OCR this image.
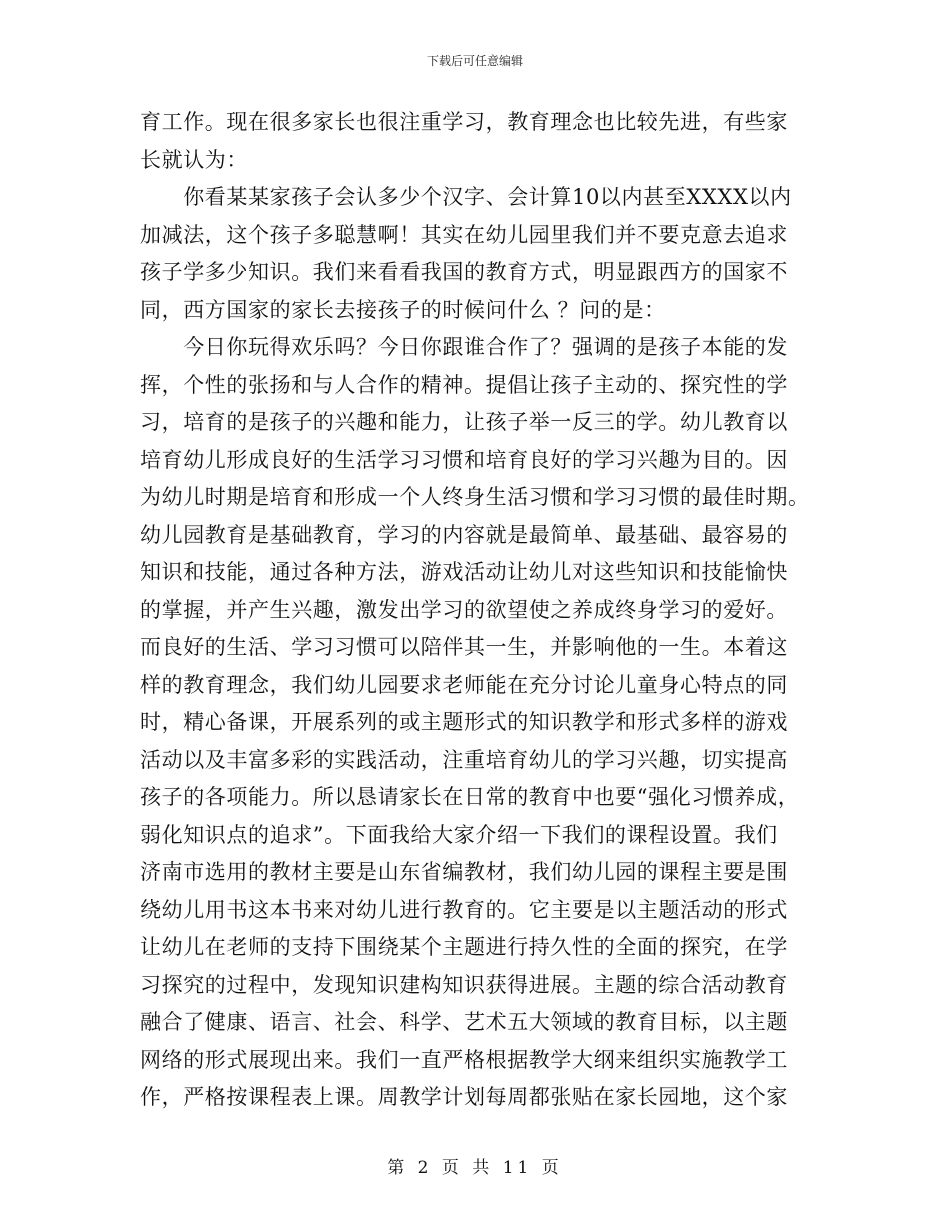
下载后可任意编辑
育工作。现在很多家长也很注重学习，教育理念也比较先进，有些家
长就认为：
　　你看某某家孩子会认多少个汉字、会计算10以内甚至XXXX以内
加减法，这个孩子多聪慧啊！其实在幼儿园里我们并不要克意去追求
孩子学多少知识。我们来看看我国的教育方式，明显跟西方的国家不
同，西方国家的家长去接孩子的时候问什么 ？问的是：
　　今日你玩得欢乐吗？今日你跟谁合作了？强调的是孩子本能的发
挥，个性的张扬和与人合作的精神。提倡让孩子主动的、探究性的学
习，培育的是孩子的兴趣和能力，让孩子举一反三的学。幼儿教育以
培育幼儿形成良好的生活学习习惯和培育良好的学习兴趣为目的。因
为幼儿时期是培育和形成一个人终身生活习惯和学习习惯的最佳时期。
幼儿园教育是基础教育，学习的内容就是最简单、最基础、最容易的
知识和技能，通过各种方法，游戏活动让幼儿对这些知识和技能愉快
的掌握，并产生兴趣，激发出学习的欲望使之养成终身学习的爱好。
而良好的生活、学习习惯可以陪伴其一生，并影响他的一生。本着这
样的教育理念，我们幼儿园要求老师能在充分讨论儿童身心特点的同
时，精心备课，开展系列的或主题形式的知识教学和形式多样的游戏
活动以及丰富多彩的实践活动，注重培育幼儿的学习兴趣，切实提高
孩子的各项能力。所以恳请家长在日常的教育中也要“强化习惯养成，
弱化知识点的追求”。下面我给大家介绍一下我们的课程设置。我们
济南市选用的教材主要是山东省编教材，我们幼儿园的课程主要是围
绕幼儿用书这本书来对幼儿进行教育的。它主要是以主题活动的形式
让幼儿在老师的支持下围绕某个主题进行持久性的全面的探究，在学
习探究的过程中，发现知识建构知识获得进展。主题的综合活动教育
融合了健康、语言、社会、科学、艺术五大领域的教育目标，以主题
网络的形式展现出来。我们一直严格根据教学大纲来组织实施教学工
作，严格按课程表上课。周教学计划每周都张贴在家长园地，这个家
第 2 页 共 11 页
